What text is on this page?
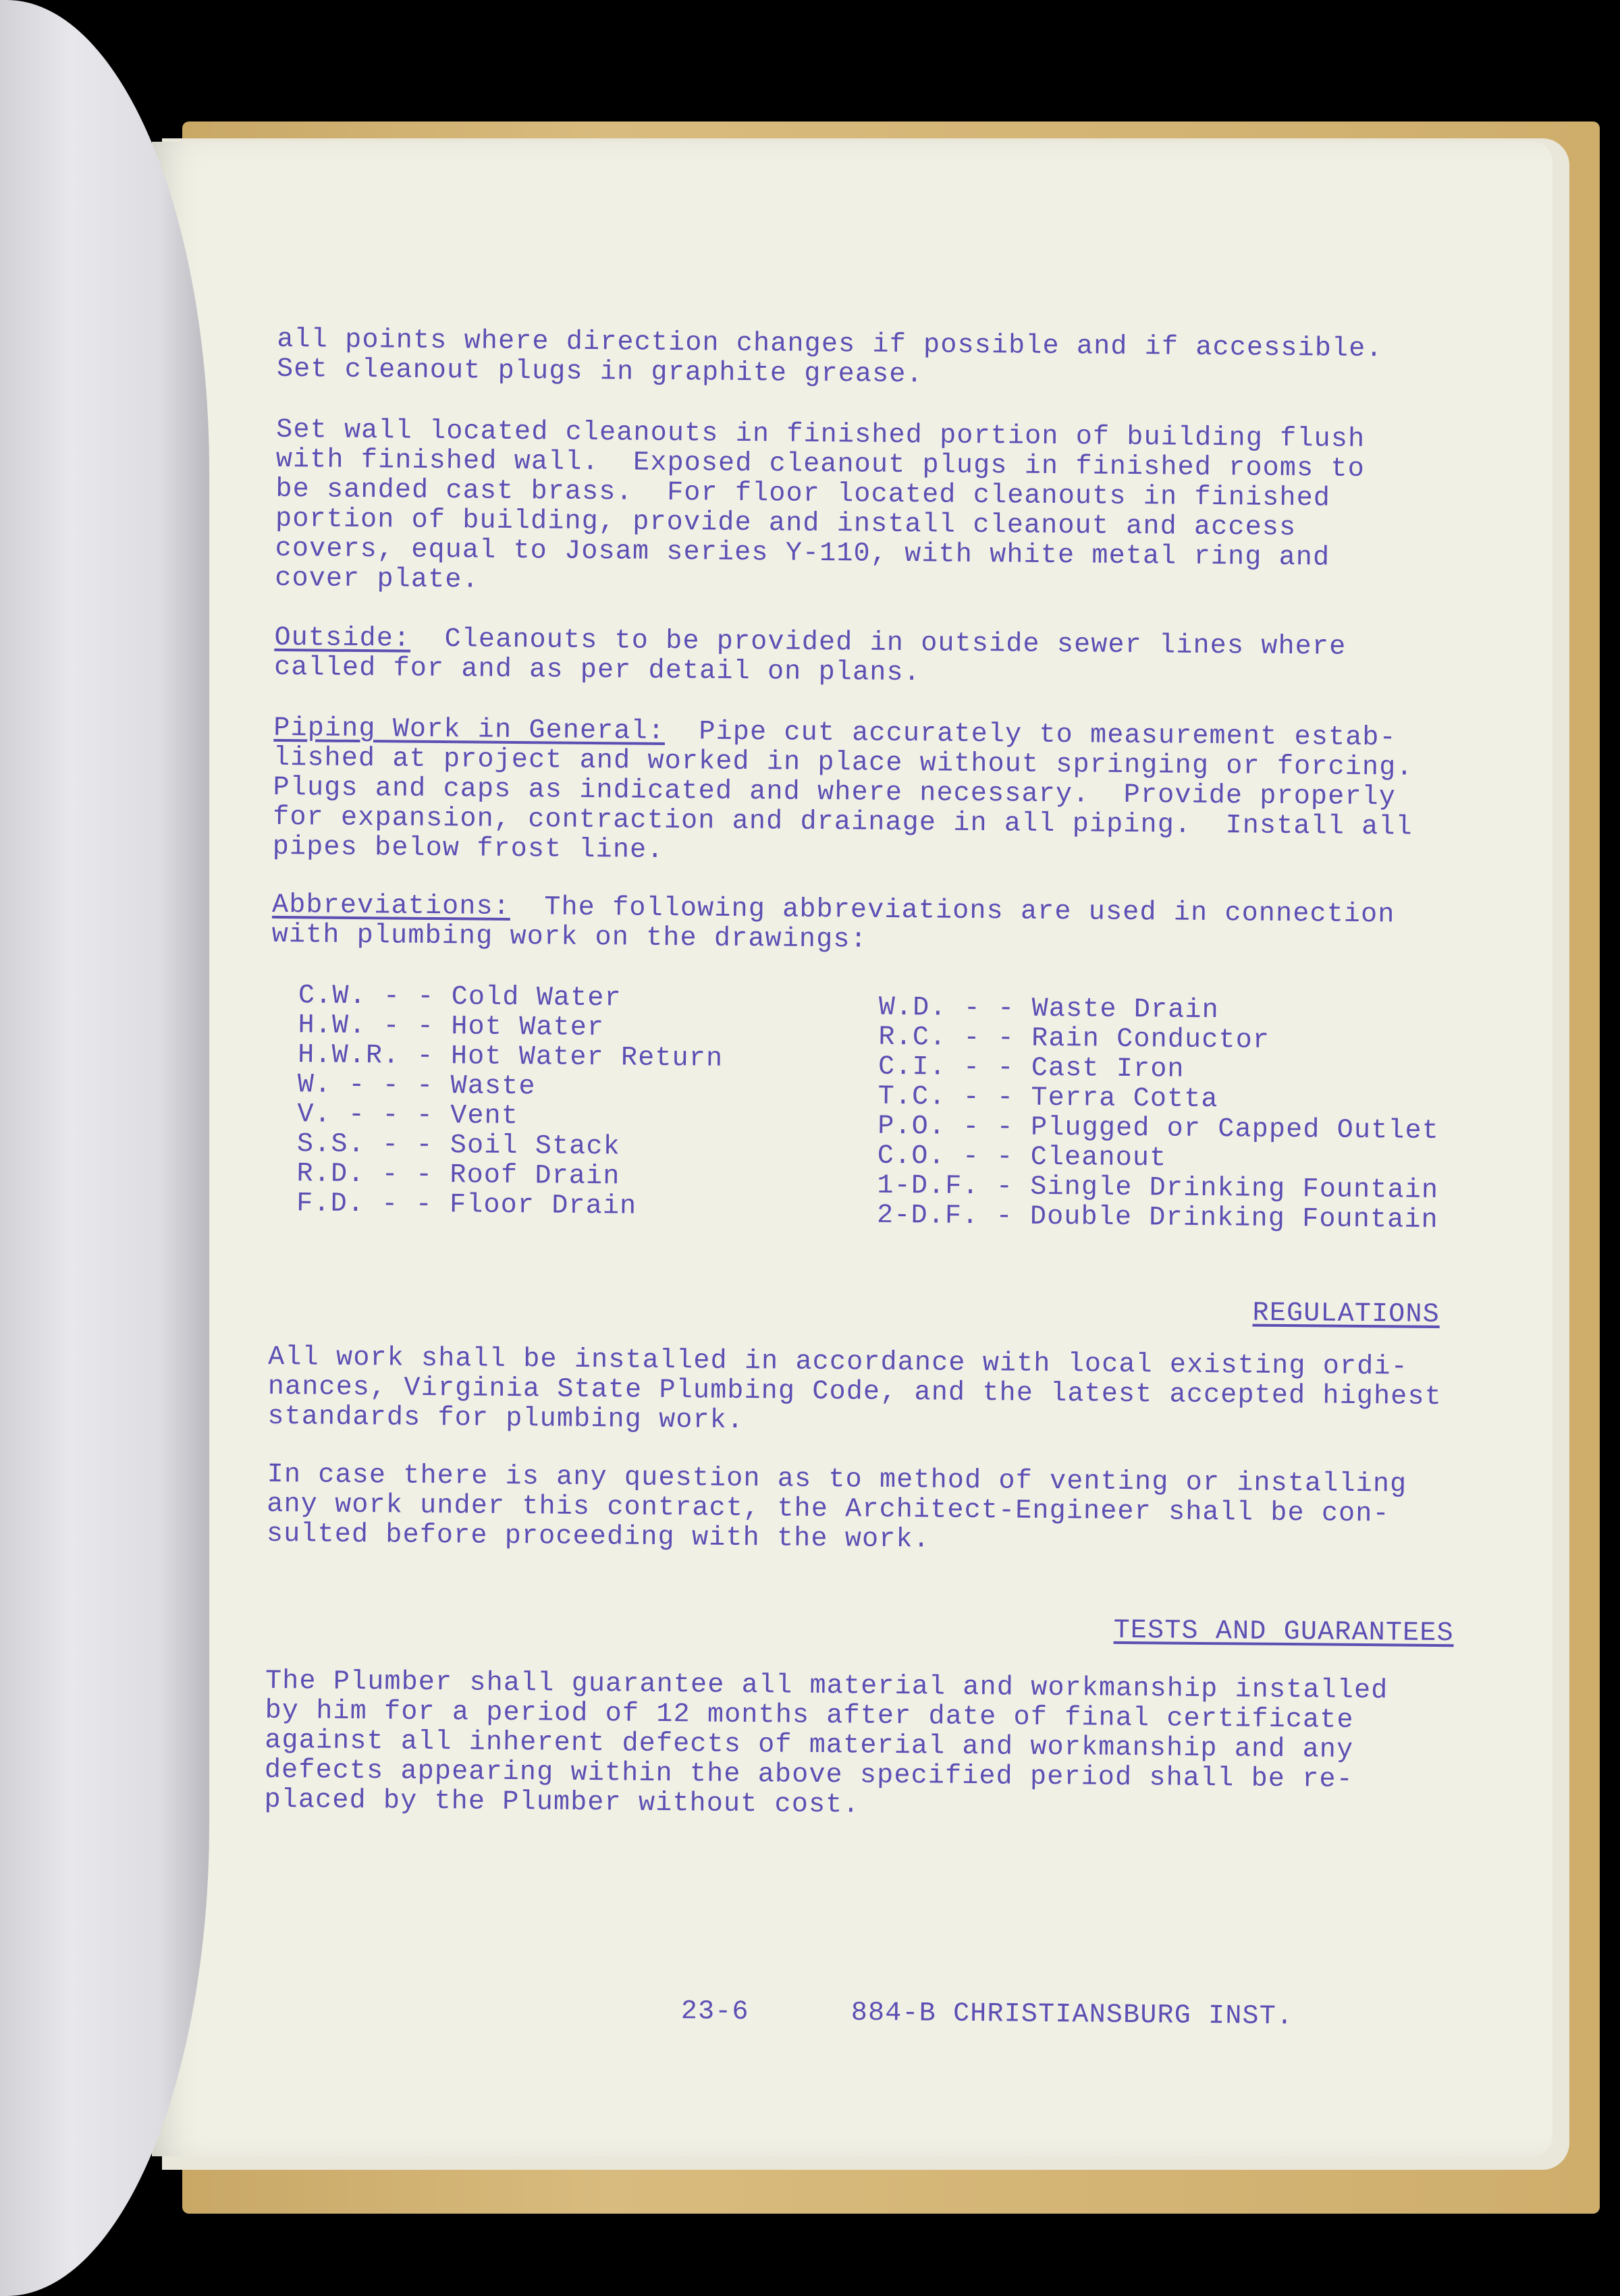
all points where direction changes if possible and if accessible.
Set cleanout plugs in graphite grease.

Set wall located cleanouts in finished portion of building flush
with finished wall.  Exposed cleanout plugs in finished rooms to
be sanded cast brass.  For floor located cleanouts in finished
portion of building, provide and install cleanout and access
covers, equal to Josam series Y-110, with white metal ring and
cover plate.

Outside:  Cleanouts to be provided in outside sewer lines where
called for and as per detail on plans.

Piping Work in General:  Pipe cut accurately to measurement estab-
lished at project and worked in place without springing or forcing.
Plugs and caps as indicated and where necessary.  Provide properly
for expansion, contraction and drainage in all piping.  Install all
pipes below frost line.

Abbreviations:  The following abbreviations are used in connection
with plumbing work on the drawings:

C.W. - - Cold Water
H.W. - - Hot Water
H.W.R. - Hot Water Return
W. - - - Waste
V. - - - Vent
S.S. - - Soil Stack
R.D. - - Roof Drain
F.D. - - Floor Drain
W.D. - - Waste Drain
R.C. - - Rain Conductor
C.I. - - Cast Iron
T.C. - - Terra Cotta
P.O. - - Plugged or Capped Outlet
C.O. - - Cleanout
1-D.F. - Single Drinking Fountain
2-D.F. - Double Drinking Fountain
REGULATIONS

All work shall be installed in accordance with local existing ordi-
nances, Virginia State Plumbing Code, and the latest accepted highest
standards for plumbing work.

In case there is any question as to method of venting or installing
any work under this contract, the Architect-Engineer shall be con-
sulted before proceeding with the work.

TESTS AND GUARANTEES

The Plumber shall guarantee all material and workmanship installed
by him for a period of 12 months after date of final certificate
against all inherent defects of material and workmanship and any
defects appearing within the above specified period shall be re-
placed by the Plumber without cost.

23-6      884-B CHRISTIANSBURG INST.
